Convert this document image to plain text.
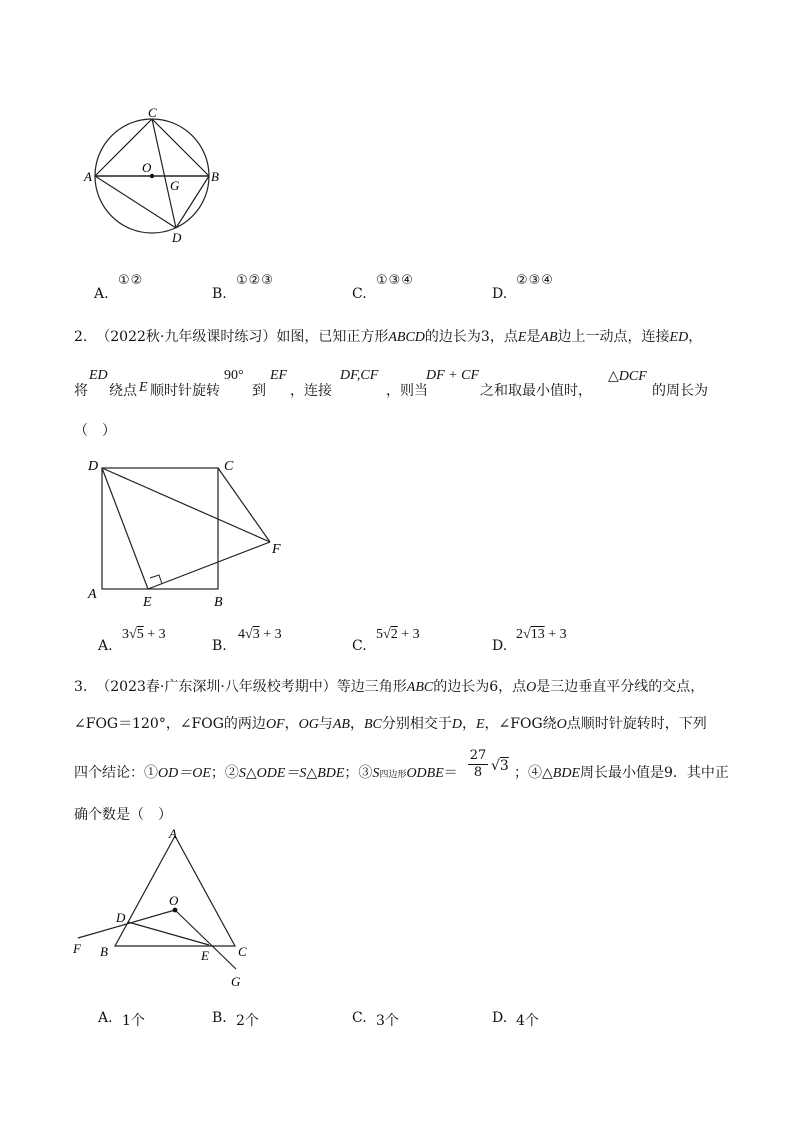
C
A	B
O
G
D
A.
①②
B.
①②③
C.
①③④
D.
②③④
2. （2022秋·九年级课时练习）如图，已知正方形ABCD的边长为3，点E是AB边上一动点，连接ED，
将
ED
绕点 E 顺时针旋转
90°
到
EF
，连接
DF,CF
，则当
DF + CF
之和取最小值时，
△DCF
的周长为
（　）
D	C
F
A
E	B
A.
3√5 + 3
B.
4√3 + 3
C.
5√2 + 3
D.
2√13 + 3
3. （2023春·广东深圳·八年级校考期中）等边三角形ABC的边长为6，点O是三边垂直平分线的交点，
∠FOG＝120°，∠FOG的两边OF，OG与AB，BC分别相交于D，E，∠FOG绕O点顺时针旋转时，下列
四个结论：①OD＝OE；②S△ODE＝S△BDE；③S四边形ODBE＝ $\frac{27}{8} √3$ ；④△BDE周长最小值是9．其中正
确个数是（　）
A
O
D
F B	E C
G
A. 1个	B. 2个	C. 3个	D. 4个
